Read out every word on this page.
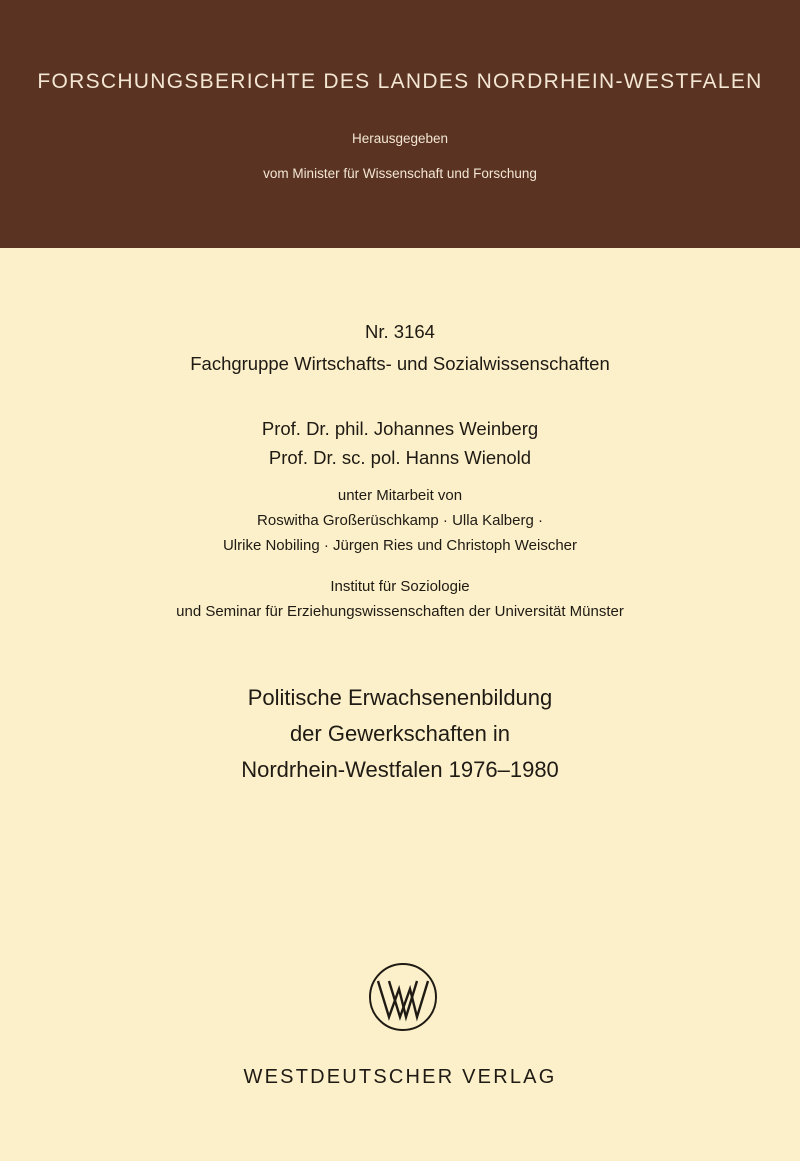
FORSCHUNGSBERICHTE DES LANDES NORDRHEIN-WESTFALEN
Herausgegeben
vom Minister für Wissenschaft und Forschung
Nr. 3164
Fachgruppe Wirtschafts- und Sozialwissenschaften
Prof. Dr. phil. Johannes Weinberg
Prof. Dr. sc. pol. Hanns Wienold
unter Mitarbeit von
Roswitha Großerüschkamp · Ulla Kalberg ·
Ulrike Nobiling · Jürgen Ries und Christoph Weischer
Institut für Soziologie
und Seminar für Erziehungswissenschaften der Universität Münster
Politische Erwachsenenbildung
der Gewerkschaften in
Nordrhein-Westfalen 1976–1980
WESTDEUTSCHER VERLAG
